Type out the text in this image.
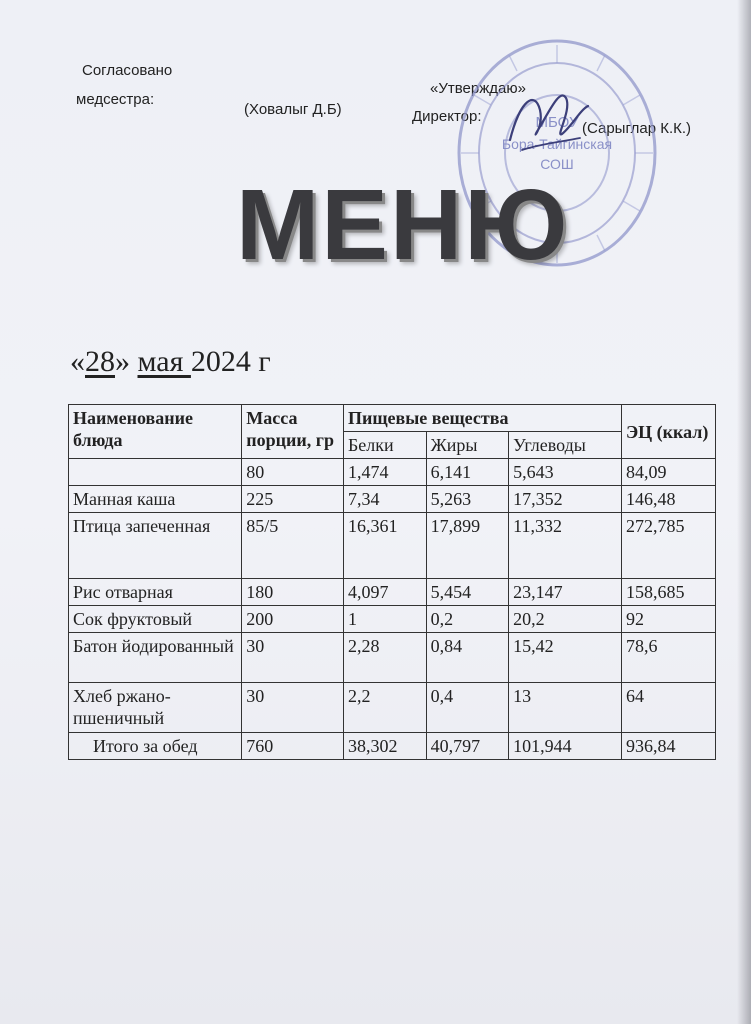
Согласовано
медсестра:
(Ховалыг Д.Б)
«Утверждаю»
Директор:
(Сарыглар К.К.)
МБОУ
Бора-Тайгинская
СОШ
МЕНЮ
«28» мая 2024 г
Наименование блюда	Масса порции, гр	Пищевые вещества			ЭЦ (ккал)
		Белки	Жиры	Углеводы	
	80	1,474	6,141	5,643	84,09
Манная каша	225	7,34	5,263	17,352	146,48
Птица запеченная	85/5	16,361	17,899	11,332	272,785
Рис отварная	180	4,097	5,454	23,147	158,685
Сок фруктовый	200	1	0,2	20,2	92
Батон йодированный	30	2,28	0,84	15,42	78,6
Хлеб ржано-пшеничный	30	2,2	0,4	13	64
Итого за обед	760	38,302	40,797	101,944	936,84
